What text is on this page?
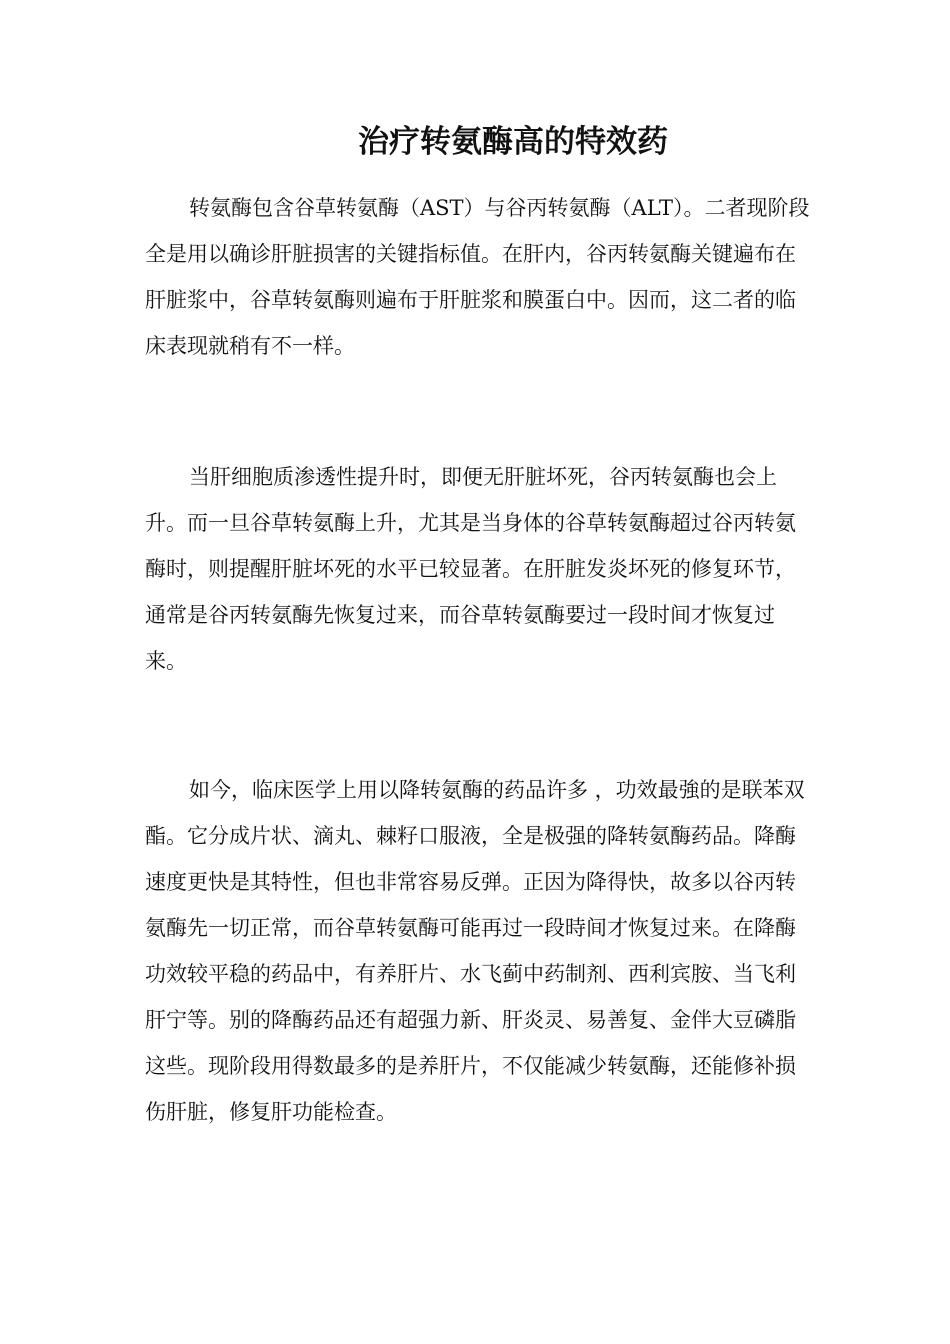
治疗转氨酶高的特效药

转氨酶包含谷草转氨酶（AST）与谷丙转氨酶（ALT）。二者现阶段全是用以确诊肝脏损害的关键指标值。在肝内，谷丙转氨酶关键遍布在肝脏浆中，谷草转氨酶则遍布于肝脏浆和膜蛋白中。因而，这二者的临床表现就稍有不一样。

当肝细胞质渗透性提升时，即便无肝脏坏死，谷丙转氨酶也会上升。而一旦谷草转氨酶上升，尤其是当身体的谷草转氨酶超过谷丙转氨酶时，则提醒肝脏坏死的水平已较显著。在肝脏发炎坏死的修复环节，通常是谷丙转氨酶先恢复过来，而谷草转氨酶要过一段时间才恢复过来。

如今，临床医学上用以降转氨酶的药品许多 ，功效最強的是联苯双酯。它分成片状、滴丸、棘籽口服液，全是极强的降转氨酶药品。降酶速度更快是其特性，但也非常容易反弹。正因为降得快，故多以谷丙转氨酶先一切正常，而谷草转氨酶可能再过一段時间才恢复过来。在降酶功效较平稳的药品中，有养肝片、水飞蓟中药制剂、西利宾胺、当飞利肝宁等。别的降酶药品还有超强力新、肝炎灵、易善复、金伴大豆磷脂这些。现阶段用得数最多的是养肝片，不仅能减少转氨酶，还能修补损伤肝脏，修复肝功能检查。
